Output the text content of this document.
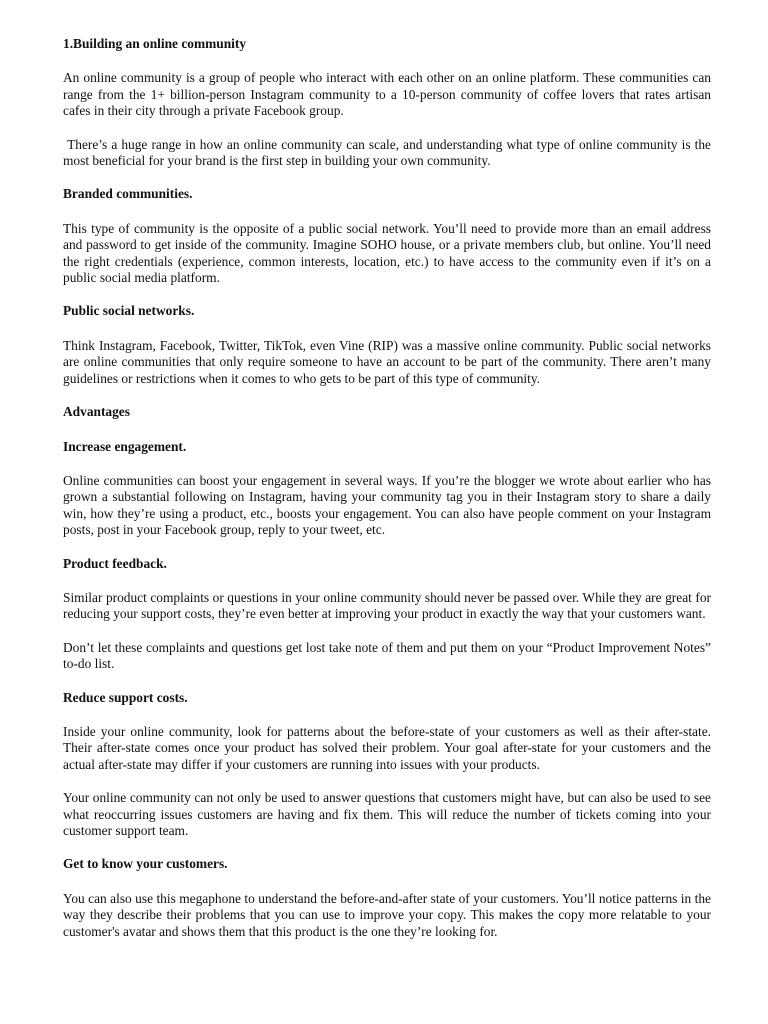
1.Building an online community
An online community is a group of people who interact with each other on an online platform. These communities can range from the 1+ billion-person Instagram community to a 10-person community of coffee lovers that rates artisan cafes in their city through a private Facebook group.
There’s a huge range in how an online community can scale, and understanding what type of online community is the most beneficial for your brand is the first step in building your own community.
Branded communities.
This type of community is the opposite of a public social network. You’ll need to provide more than an email address and password to get inside of the community. Imagine SOHO house, or a private members club, but online. You’ll need the right credentials (experience, common interests, location, etc.) to have access to the community even if it’s on a public social media platform.
Public social networks.
Think Instagram, Facebook, Twitter, TikTok, even Vine (RIP) was a massive online community. Public social networks are online communities that only require someone to have an account to be part of the community. There aren’t many guidelines or restrictions when it comes to who gets to be part of this type of community.
Advantages
Increase engagement.
Online communities can boost your engagement in several ways. If you’re the blogger we wrote about earlier who has grown a substantial following on Instagram, having your community tag you in their Instagram story to share a daily win, how they’re using a product, etc., boosts your engagement. You can also have people comment on your Instagram posts, post in your Facebook group, reply to your tweet, etc.
Product feedback.
Similar product complaints or questions in your online community should never be passed over. While they are great for reducing your support costs, they’re even better at improving your product in exactly the way that your customers want.
Don’t let these complaints and questions get lost take note of them and put them on your “Product Improvement Notes” to-do list.
Reduce support costs.
Inside your online community, look for patterns about the before-state of your customers as well as their after-state. Their after-state comes once your product has solved their problem. Your goal after-state for your customers and the actual after-state may differ if your customers are running into issues with your products.
Your online community can not only be used to answer questions that customers might have, but can also be used to see what reoccurring issues customers are having and fix them. This will reduce the number of tickets coming into your customer support team.
Get to know your customers.
You can also use this megaphone to understand the before-and-after state of your customers. You’ll notice patterns in the way they describe their problems that you can use to improve your copy. This makes the copy more relatable to your customer's avatar and shows them that this product is the one they’re looking for.
